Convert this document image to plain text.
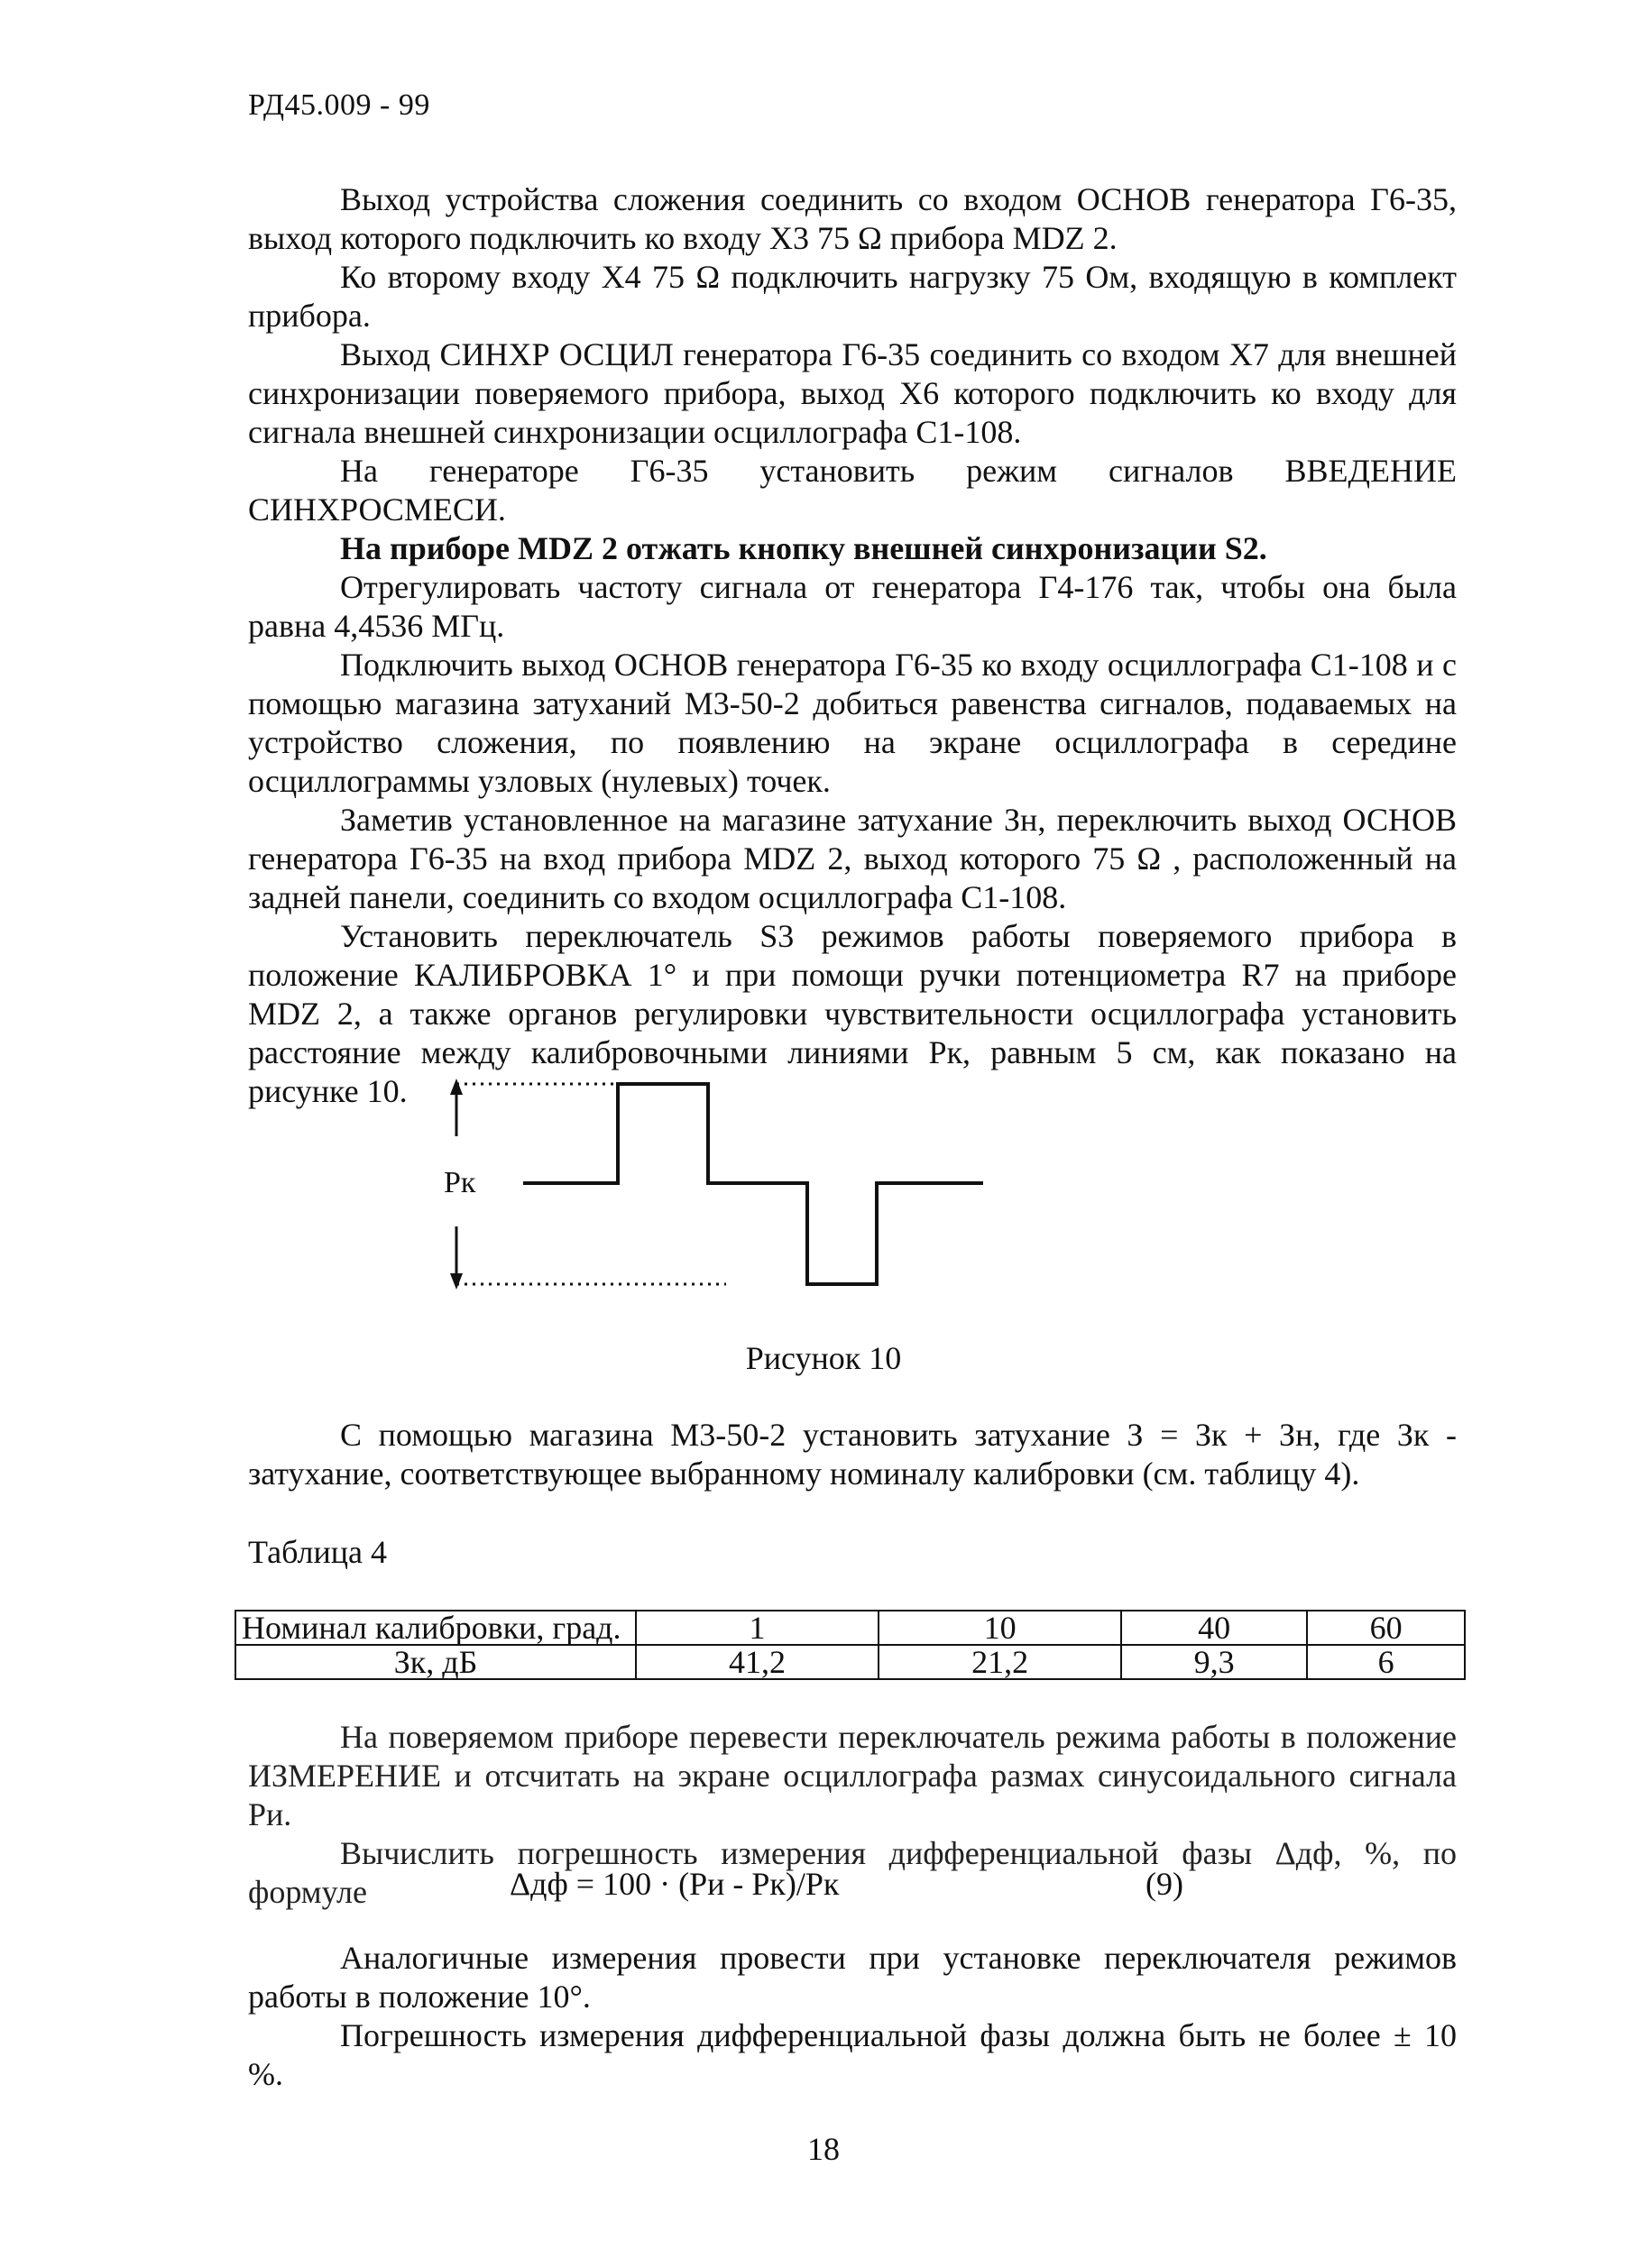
РД45.009 - 99

Выход устройства сложения соединить со входом ОСНОВ генератора Г6-35, выход которого подключить ко входу X3 75 Ω прибора MDZ 2.

Ко второму входу X4 75 Ω подключить нагрузку 75 Ом, входящую в комплект прибора.

Выход СИНХР ОСЦИЛ генератора Г6-35 соединить со входом X7 для внешней синхронизации поверяемого прибора, выход X6 которого подключить ко входу для сигнала внешней синхронизации осциллографа С1-108.

На генераторе Г6-35 установить режим сигналов ВВЕДЕНИЕ СИНХРОСМЕСИ.

На приборе MDZ 2 отжать кнопку внешней синхронизации S2.

Отрегулировать частоту сигнала от генератора Г4-176 так, чтобы она была равна 4,4536 МГц.

Подключить выход ОСНОВ генератора Г6-35 ко входу осциллографа С1-108 и с помощью магазина затуханий М3-50-2 добиться равенства сигналов, подаваемых на устройство сложения, по появлению на экране осциллографа в середине осциллограммы узловых (нулевых) точек.

Заметив установленное на магазине затухание Зн, переключить выход ОСНОВ генератора Г6-35 на вход прибора MDZ 2, выход которого 75 Ω , расположенный на задней панели, соединить со входом осциллографа С1-108.

Установить переключатель S3 режимов работы поверяемого прибора в положение КАЛИБРОВКА 1° и при помощи ручки потенциометра R7 на приборе MDZ 2, а также органов регулировки чувствительности осциллографа установить расстояние между калибровочными линиями Рк, равным 5 см, как показано на рисунке 10.

Рк
Рисунок 10

С помощью магазина М3-50-2 установить затухание З = Зк + Зн, где Зк - затухание, соответствующее выбранному номиналу калибровки (см. таблицу 4).

Таблица 4
Номинал калибровки, град.	1	10	40	60
Зк, дБ	41,2	21,2	9,3	6

На поверяемом приборе перевести переключатель режима работы в положение ИЗМЕРЕНИЕ и отсчитать на экране осциллографа размах синусоидального сигнала Ри.

Вычислить погрешность измерения дифференциальной фазы Δдф, %, по формуле	Δдф = 100 · (Ри - Рк)/Рк	(9)

Аналогичные измерения провести при установке переключателя режимов работы в положение 10°.

Погрешность измерения дифференциальной фазы должна быть не более ± 10 %.

18
